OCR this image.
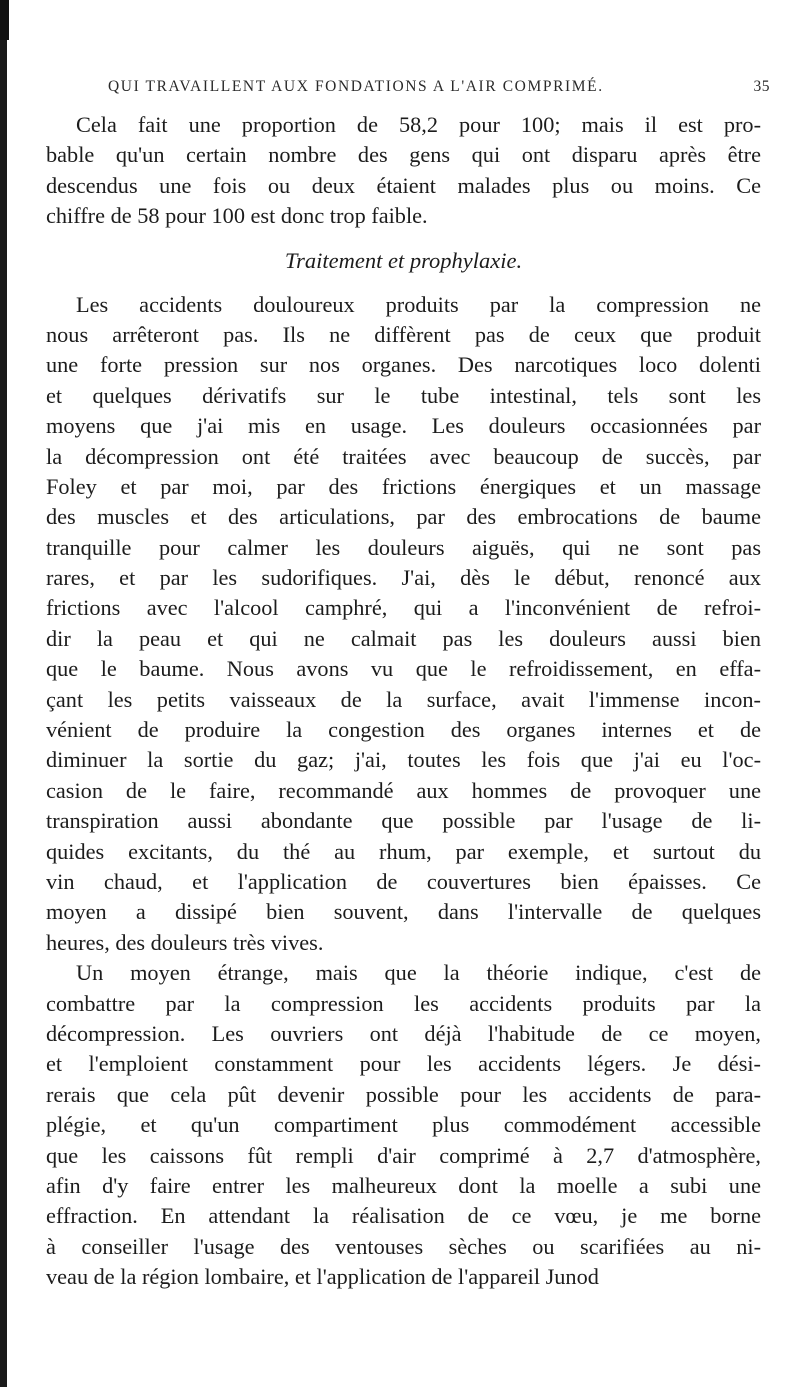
QUI TRAVAILLENT AUX FONDATIONS A L'AIR COMPRIMÉ.	35
Cela fait une proportion de 58,2 pour 100; mais il est pro-
bable qu'un certain nombre des gens qui ont disparu après être
descendus une fois ou deux étaient malades plus ou moins. Ce
chiffre de 58 pour 100 est donc trop faible.
Traitement et prophylaxie.
Les accidents douloureux produits par la compression ne
nous arrêteront pas. Ils ne diffèrent pas de ceux que produit
une forte pression sur nos organes. Des narcotiques loco dolenti
et quelques dérivatifs sur le tube intestinal, tels sont les
moyens que j'ai mis en usage. Les douleurs occasionnées par
la décompression ont été traitées avec beaucoup de succès, par
Foley et par moi, par des frictions énergiques et un massage
des muscles et des articulations, par des embrocations de baume
tranquille pour calmer les douleurs aiguës, qui ne sont pas
rares, et par les sudorifiques. J'ai, dès le début, renoncé aux
frictions avec l'alcool camphré, qui a l'inconvénient de refroi-
dir la peau et qui ne calmait pas les douleurs aussi bien
que le baume. Nous avons vu que le refroidissement, en effa-
çant les petits vaisseaux de la surface, avait l'immense incon-
vénient de produire la congestion des organes internes et de
diminuer la sortie du gaz; j'ai, toutes les fois que j'ai eu l'oc-
casion de le faire, recommandé aux hommes de provoquer une
transpiration aussi abondante que possible par l'usage de li-
quides excitants, du thé au rhum, par exemple, et surtout du
vin chaud, et l'application de couvertures bien épaisses. Ce
moyen a dissipé bien souvent, dans l'intervalle de quelques
heures, des douleurs très vives.
Un moyen étrange, mais que la théorie indique, c'est de
combattre par la compression les accidents produits par la
décompression. Les ouvriers ont déjà l'habitude de ce moyen,
et l'emploient constamment pour les accidents légers. Je dési-
rerais que cela pût devenir possible pour les accidents de para-
plégie, et qu'un compartiment plus commodément accessible
que les caissons fût rempli d'air comprimé à 2,7 d'atmosphère,
afin d'y faire entrer les malheureux dont la moelle a subi une
effraction. En attendant la réalisation de ce vœu, je me borne
à conseiller l'usage des ventouses sèches ou scarifiées au ni-
veau de la région lombaire, et l'application de l'appareil Junod
